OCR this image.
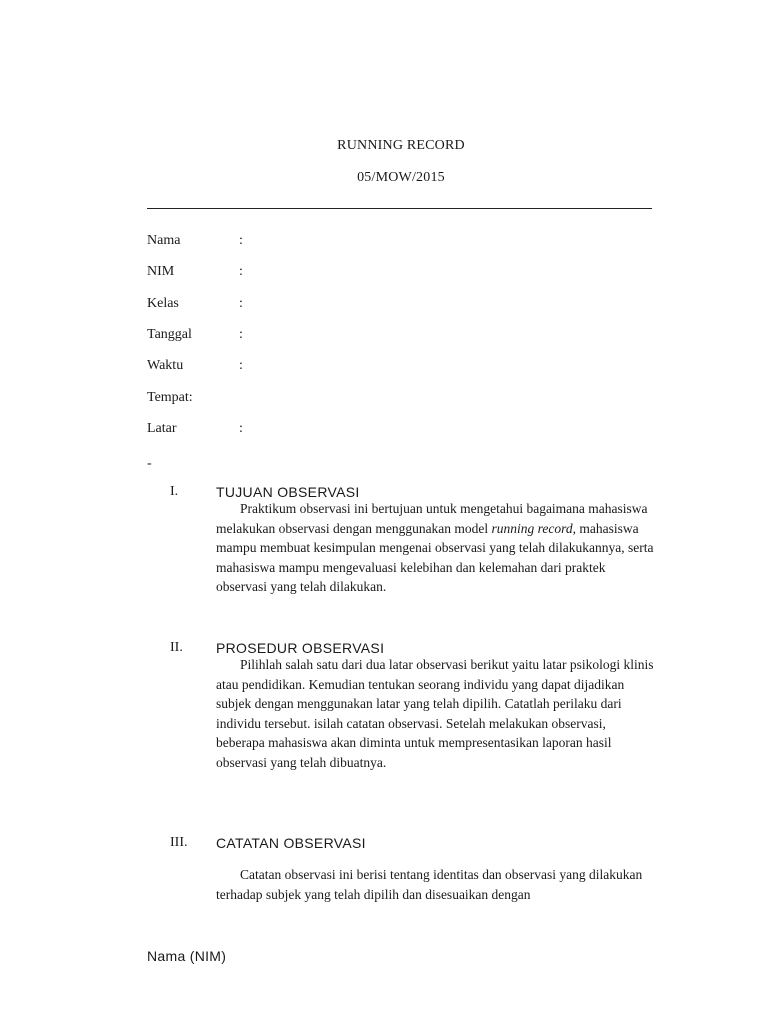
RUNNING RECORD
05/MOW/2015
Nama	:
NIM	:
Kelas	:
Tanggal	:
Waktu	:
Tempat:
Latar	:
-
I.	TUJUAN OBSERVASI
Praktikum observasi ini bertujuan untuk mengetahui bagaimana mahasiswa melakukan observasi dengan menggunakan model running record, mahasiswa mampu membuat kesimpulan mengenai observasi yang telah dilakukannya, serta mahasiswa mampu mengevaluasi kelebihan dan kelemahan dari praktek observasi yang telah dilakukan.
II. PROSEDUR OBSERVASI
Pilihlah salah satu dari dua latar observasi berikut yaitu latar psikologi klinis atau pendidikan. Kemudian tentukan seorang individu yang dapat dijadikan subjek dengan menggunakan latar yang telah dipilih. Catatlah perilaku dari individu tersebut. isilah catatan observasi. Setelah melakukan observasi, beberapa mahasiswa akan diminta untuk mempresentasikan laporan hasil observasi yang telah dibuatnya.
III. CATATAN OBSERVASI
Catatan observasi ini berisi tentang identitas dan observasi yang dilakukan terhadap subjek yang telah dipilih dan disesuaikan dengan
Nama (NIM)
